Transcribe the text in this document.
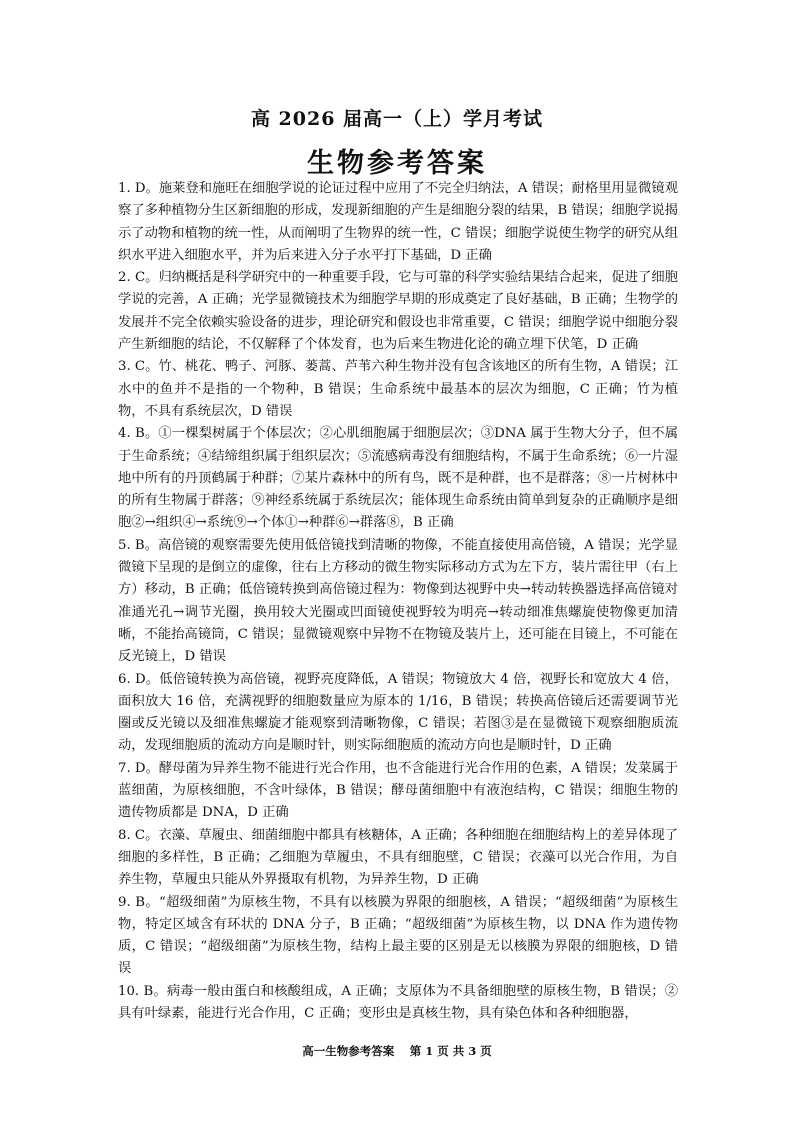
高 2026 届高一（上）学月考试
生物参考答案

1. D。施莱登和施旺在细胞学说的论证过程中应用了不完全归纳法，A 错误；耐格里用显微镜观察了多种植物分生区新细胞的形成，发现新细胞的产生是细胞分裂的结果，B 错误；细胞学说揭示了动物和植物的统一性，从而阐明了生物界的统一性，C 错误；细胞学说使生物学的研究从组织水平进入细胞水平，并为后来进入分子水平打下基础，D 正确

2. C。归纳概括是科学研究中的一种重要手段，它与可靠的科学实验结果结合起来，促进了细胞学说的完善，A 正确；光学显微镜技术为细胞学早期的形成奠定了良好基础，B 正确；生物学的发展并不完全依赖实验设备的进步，理论研究和假设也非常重要，C 错误；细胞学说中细胞分裂产生新细胞的结论，不仅解释了个体发育，也为后来生物进化论的确立埋下伏笔，D 正确

3. C。竹、桃花、鸭子、河豚、蒌蒿、芦苇六种生物并没有包含该地区的所有生物，A 错误；江水中的鱼并不是指的一个物种，B 错误；生命系统中最基本的层次为细胞，C 正确；竹为植物，不具有系统层次，D 错误

4. B。①一棵梨树属于个体层次；②心肌细胞属于细胞层次；③DNA 属于生物大分子，但不属于生命系统；④结缔组织属于组织层次；⑤流感病毒没有细胞结构，不属于生命系统；⑥一片湿地中所有的丹顶鹤属于种群；⑦某片森林中的所有鸟，既不是种群，也不是群落；⑧一片树林中的所有生物属于群落；⑨神经系统属于系统层次；能体现生命系统由简单到复杂的正确顺序是细胞②→组织④→系统⑨→个体①→种群⑥→群落⑧，B 正确

5. B。高倍镜的观察需要先使用低倍镜找到清晰的物像，不能直接使用高倍镜，A 错误；光学显微镜下呈现的是倒立的虚像，往右上方移动的微生物实际移动方式为左下方，装片需往甲（右上方）移动，B 正确；低倍镜转换到高倍镜过程为：物像到达视野中央→转动转换器选择高倍镜对准通光孔→调节光圈，换用较大光圈或凹面镜使视野较为明亮→转动细准焦螺旋使物像更加清晰，不能抬高镜筒，C 错误；显微镜观察中异物不在物镜及装片上，还可能在目镜上，不可能在反光镜上，D 错误

6. D。低倍镜转换为高倍镜，视野亮度降低，A 错误；物镜放大 4 倍，视野长和宽放大 4 倍，面积放大 16 倍，充满视野的细胞数量应为原本的 1/16，B 错误；转换高倍镜后还需要调节光圈或反光镜以及细准焦螺旋才能观察到清晰物像，C 错误；若图③是在显微镜下观察细胞质流动，发现细胞质的流动方向是顺时针，则实际细胞质的流动方向也是顺时针，D 正确

7. D。酵母菌为异养生物不能进行光合作用，也不含能进行光合作用的色素，A 错误；发菜属于蓝细菌，为原核细胞，不含叶绿体，B 错误；酵母菌细胞中有液泡结构，C 错误；细胞生物的遗传物质都是 DNA，D 正确

8. C。衣藻、草履虫、细菌细胞中都具有核糖体，A 正确；各种细胞在细胞结构上的差异体现了细胞的多样性，B 正确；乙细胞为草履虫，不具有细胞壁，C 错误；衣藻可以光合作用，为自养生物，草履虫只能从外界摄取有机物，为异养生物，D 正确

9. B。“超级细菌”为原核生物，不具有以核膜为界限的细胞核，A 错误；“超级细菌”为原核生物，特定区域含有环状的 DNA 分子，B 正确；“超级细菌”为原核生物，以 DNA 作为遗传物质，C 错误；“超级细菌”为原核生物，结构上最主要的区别是无以核膜为界限的细胞核，D 错误

10. B。病毒一般由蛋白和核酸组成，A 正确；支原体为不具备细胞壁的原核生物，B 错误；②具有叶绿素，能进行光合作用，C 正确；变形虫是真核生物，具有染色体和各种细胞器，

高一生物参考答案　 第 1 页 共 3 页
